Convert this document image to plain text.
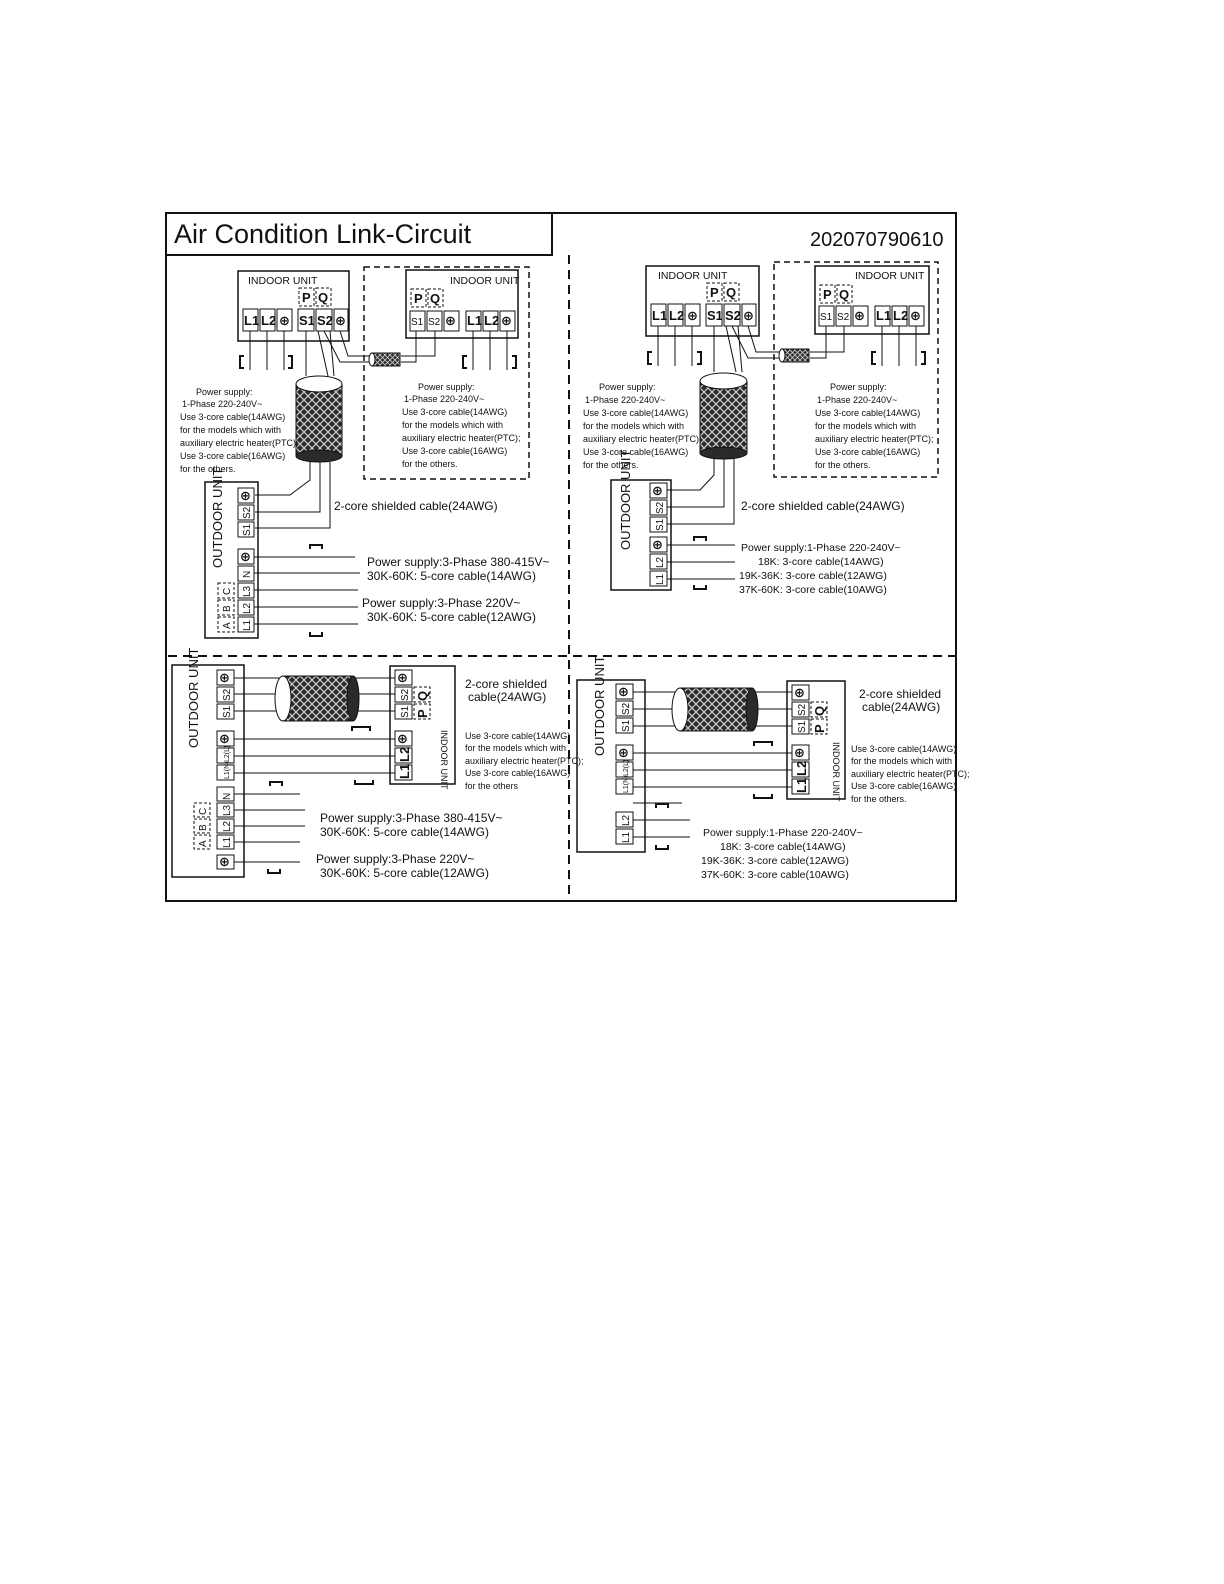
Air Condition Link-Circuit	202070790610
INDOOR UNIT
L1 L2 ⊕
P Q
S1 S2 ⊕
INDOOR UNIT
P Q
S1 S2 ⊕ L1 L2 ⊕
Power supply:
1-Phase 220-240V~
Use 3-core cable(14AWG)
for the models which with
auxiliary electric heater(PTC);
Use 3-core cable(16AWG)
for the others.
Power supply:
1-Phase 220-240V~
Use 3-core cable(14AWG)
for the models which with
auxiliary electric heater(PTC);
Use 3-core cable(16AWG)
for the others.
OUTDOOR UNIT ⊕
S2
S1
⊕
N
L3
L2
L1
C
B
A
2-core shielded cable(24AWG)
Power supply:3-Phase 380-415V~
30K-60K: 5-core cable(14AWG)
Power supply:3-Phase 220V~
30K-60K: 5-core cable(12AWG)
INDOOR UNIT
L1 L2 ⊕
P Q
S1 S2 ⊕
INDOOR UNIT
P Q
S1 S2 ⊕ L1 L2 ⊕
Power supply:
1-Phase 220-240V~
Use 3-core cable(14AWG)
for the models which with
auxiliary electric heater(PTC);
Use 3-core cable(16AWG)
for the others.
Power supply:
1-Phase 220-240V~
Use 3-core cable(14AWG)
for the models which with
auxiliary electric heater(PTC);
Use 3-core cable(16AWG)
for the others.
OUTDOOR UNIT ⊕
S2
S1
⊕
L2
L1
2-core shielded cable(24AWG)
Power supply:1-Phase 220-240V~
18K: 3-core cable(14AWG)
19K-36K: 3-core cable(12AWG)
37K-60K: 3-core cable(10AWG)
OUTDOOR UNIT ⊕
S2
S1
⊕
L2(L)
L1(N)
N
L3
L2
L1
⊕
C
B
A
INDOOR UNIT
⊕
S2
S1
Q
P
⊕
L2
L1
2-core shielded
cable(24AWG)
Use 3-core cable(14AWG)
for the models which with
auxiliary electric heater(PTC);
Use 3-core cable(16AWG)
for the others
Power supply:3-Phase 380-415V~
30K-60K: 5-core cable(14AWG)
Power supply:3-Phase 220V~
30K-60K: 5-core cable(12AWG)
OUTDOOR UNIT ⊕
S2
S1
⊕
L2(L)
L1(N)
L2
L1
INDOOR UNIT
⊕
S2
S1
Q
P
⊕
L2
L1
2-core shielded
cable(24AWG)
Use 3-core cable(14AWG)
for the models which with
auxiliary electric heater(PTC);
Use 3-core cable(16AWG)
for the others.
Power supply:1-Phase 220-240V~
18K: 3-core cable(14AWG)
19K-36K: 3-core cable(12AWG)
37K-60K: 3-core cable(10AWG)
